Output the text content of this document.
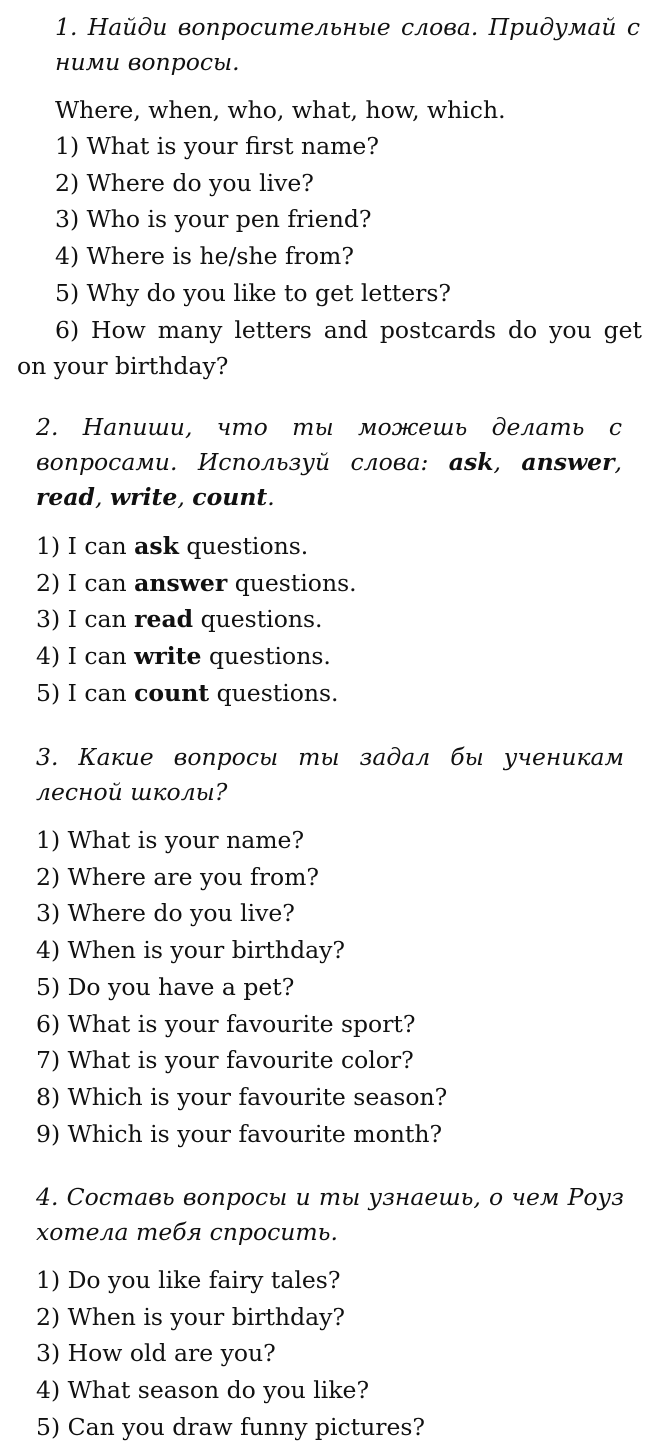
1. Найди вопросительные слова. Придумай с ними вопросы.

Where, when, who, what, how, which.

1) What is your first name?
2) Where do you live?
3) Who is your pen friend?
4) Where is he/she from?
5) Why do you like to get letters?
6) How many letters and postcards do you get on your birthday?

2. Напиши, что ты можешь делать с вопросами. Используй слова: ask, answer, read, write, count.

1) I can ask questions.
2) I can answer questions.
3) I can read questions.
4) I can write questions.
5) I can count questions.

3. Какие вопросы ты задал бы ученикам лесной школы?

1) What is your name?
2) Where are you from?
3) Where do you live?
4) When is your birthday?
5) Do you have a pet?
6) What is your favourite sport?
7) What is your favourite color?
8) Which is your favourite season?
9) Which is your favourite month?

4. Составь вопросы и ты узнаешь, о чем Роуз хотела тебя спросить.

1) Do you like fairy tales?
2) When is your birthday?
3) How old are you?
4) What season do you like?
5) Can you draw funny pictures?
